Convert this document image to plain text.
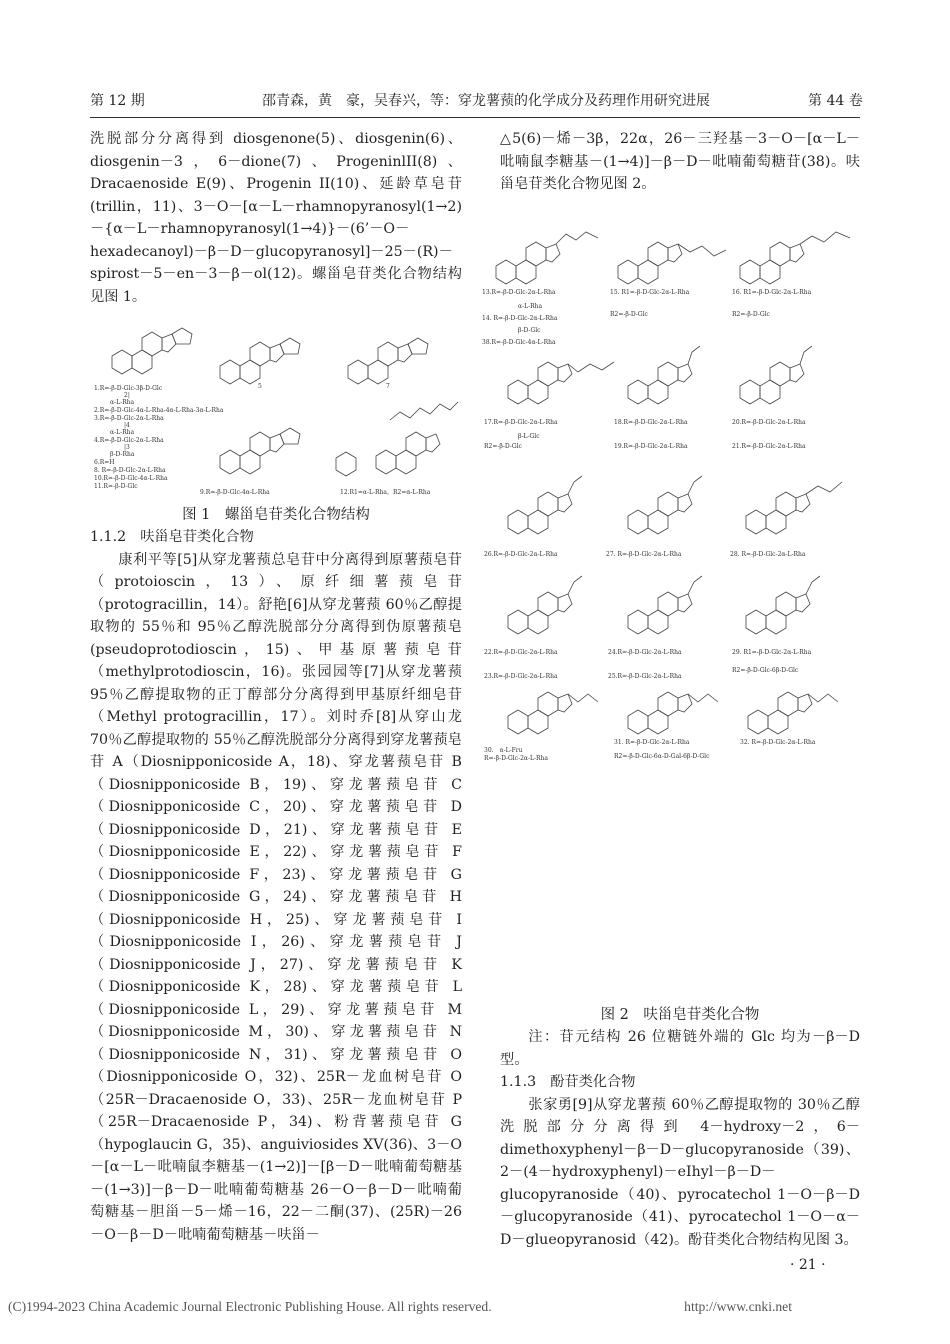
第 12 期	邵青森，黄　豪，吴春兴，等：穿龙薯蓣的化学成分及药理作用研究进展	第 44 卷

洗脱部分分离得到 diosgenone(5)、diosgenin(6)、diosgenin－3，6－dione(7)、ProgeninlII(8)、Dracaenoside E(9)、Progenin II(10)、延龄草皂苷(trillin，11)、3－O－[α－L－rhamnopyranosyl(1→2)－{α－L－rhamnopyranosyl(1→4)}－(6’－O－hexadecanoyl)－β－D－glucopyranosyl]－25－(R)－spirost－5－en－3－β－ol(12)。螺甾皂苷类化合物结构见图 1。

1.R=-β-D-Glc-3β-D-Glc
2|
α-L-Rha
2.R=-β-D-Glc-4α-L-Rha-4α-L-Rha-3α-L-Rha
3.R=-β-D-Glc-2α-L-Rha
|4
α-L-Rha
4.R=-β-D-Glc-2α-L-Rha
|3
β-D-Rha
6.R=H
8. R=-β-D-Glc-2α-L-Rha
10.R=-β-D-Glc-4α-L-Rha
11.R=-β-D-Glc
5	7
9.R=-β-D-Glc-4α-L-Rha	12.R1=α-L-Rha，R2=α-L-Rha
图 1　螺甾皂苷类化合物结构

1.1.2　呋甾皂苷类化合物

康利平等[5]从穿龙薯蓣总皂苷中分离得到原薯蓣皂苷（protoioscin，13）、原纤细薯蓣皂苷（protogracillin，14）。舒艳[6]从穿龙薯蓣 60％乙醇提取物的 55％和 95％乙醇洗脱部分分离得到伪原薯蓣皂(pseudoprotodioscin，15)、甲基原薯蓣皂苷（methylprotodioscin，16)。张园园等[7]从穿龙薯蓣 95％乙醇提取物的正丁醇部分分离得到甲基原纤细皂苷（Methyl protogracillin，17）。刘时乔[8]从穿山龙 70％乙醇提取物的 55％乙醇洗脱部分分离得到穿龙薯蓣皂苷 A（Diosnipponicoside A，18)、穿龙薯蓣皂苷 B（Diosnipponicoside B，19)、穿龙薯蓣皂苷 C（Diosnipponicoside C，20)、穿龙薯蓣皂苷 D（Diosnipponicoside D，21)、穿龙薯蓣皂苷 E（Diosnipponicoside E，22)、穿龙薯蓣皂苷 F（Diosnipponicoside F，23)、穿龙薯蓣皂苷 G（Diosnipponicoside G，24)、穿龙薯蓣皂苷 H（Diosnipponicoside H，25)、穿龙薯蓣皂苷 I（Diosnipponicoside I，26)、穿龙薯蓣皂苷 J（Diosnipponicoside J，27)、穿龙薯蓣皂苷 K（Diosnipponicoside K，28)、穿龙薯蓣皂苷 L（Diosnipponicoside L，29)、穿龙薯蓣皂苷 M（Diosnipponicoside M，30)、穿龙薯蓣皂苷 N（Diosnipponicoside N，31)、穿龙薯蓣皂苷 O（Diosnipponicoside O，32)、25R－龙血树皂苷 O（25R－Dracaenoside O，33)、25R－龙血树皂苷 P（25R－Dracaenoside P，34)、粉背薯蓣皂苷 G（hypoglaucin G，35)、anguiviosides XV(36)、3－O－[α－L－吡喃鼠李糖基－(1→2)]－[β－D－吡喃葡萄糖基－(1→3)]－β－D－吡喃葡萄糖基 26－O－β－D－吡喃葡萄糖基－胆甾－5－烯－16，22－二酮(37)、(25R)－26－O－β－D－吡喃葡萄糖基－呋甾－

△5(6)－烯－3β，22α，26－三羟基－3－O－[α－L－吡喃鼠李糖基－(1→4)]－β－D－吡喃葡萄糖苷(38)。呋甾皂苷类化合物见图 2。

13.R=-β-D-Glc-2α-L-Rha
α-L-Rha
14. R=-β-D-Glc-2α-L-Rha
β-D-Glc
38.R=-β-D-Glc-4α-L-Rha
15. R1=-β-D-Glc-2α-L-Rha
R2=-β-D-Glc
16. R1=-β-D-Glc-2α-L-Rha
R2=-β-D-Glc
17.R=-β-D-Glc-2α-L-Rha
β-L-Glc
R2=-β-D-Glc
18.R=-β-D-Glc-2α-L-Rha
19.R=-β-D-Glc-2α-L-Rha
20.R=-β-D-Glc-2α-L-Rha
21.R=-β-D-Glc-2α-L-Rha
26.R=-β-D-Glc-2α-L-Rha	27. R=-β-D-Glc-2α-L-Rha	28. R=-β-D-Glc-2α-L-Rha
22.R=-β-D-Glc-2α-L-Rha
23.R=-β-D-Glc-2α-L-Rha
24.R=-β-D-Glc-2α-L-Rha
25.R=-β-D-Glc-2α-L-Rha
29. R1=-β-D-Glc-2α-L-Rha
R2=-β-D-Glc-6β-D-Glc
30.　α-L-Fru
R=-β-D-Glc-2α-L-Rha
31. R=-β-D-Glc-2α-L-Rha
R2=-β-D-Glc-6α-D-Gal-6β-D-Glc
32. R=-β-D-Glc-2α-L-Rha
图 2　呋甾皂苷类化合物

注：苷元结构 26 位糖链外端的 Glc 均为－β－D 型。

1.1.3　酚苷类化合物

张家勇[9]从穿龙薯蓣 60％乙醇提取物的 30％乙醇洗脱部分分离得到 4－hydroxy－2，6－dimethoxyphenyl－β－D－glucopyranoside（39)、2－(4－hydroxyphenyl)－eIhyl－β－D－glucopyranoside（40)、pyrocatechol 1－O－β－D－glucopyranoside（41)、pyrocatechol 1－O－α－D－glueopyranosid（42)。酚苷类化合物结构见图 3。

· 21 ·
(C)1994-2023 China Academic Journal Electronic Publishing House. All rights reserved.	http://www.cnki.net
